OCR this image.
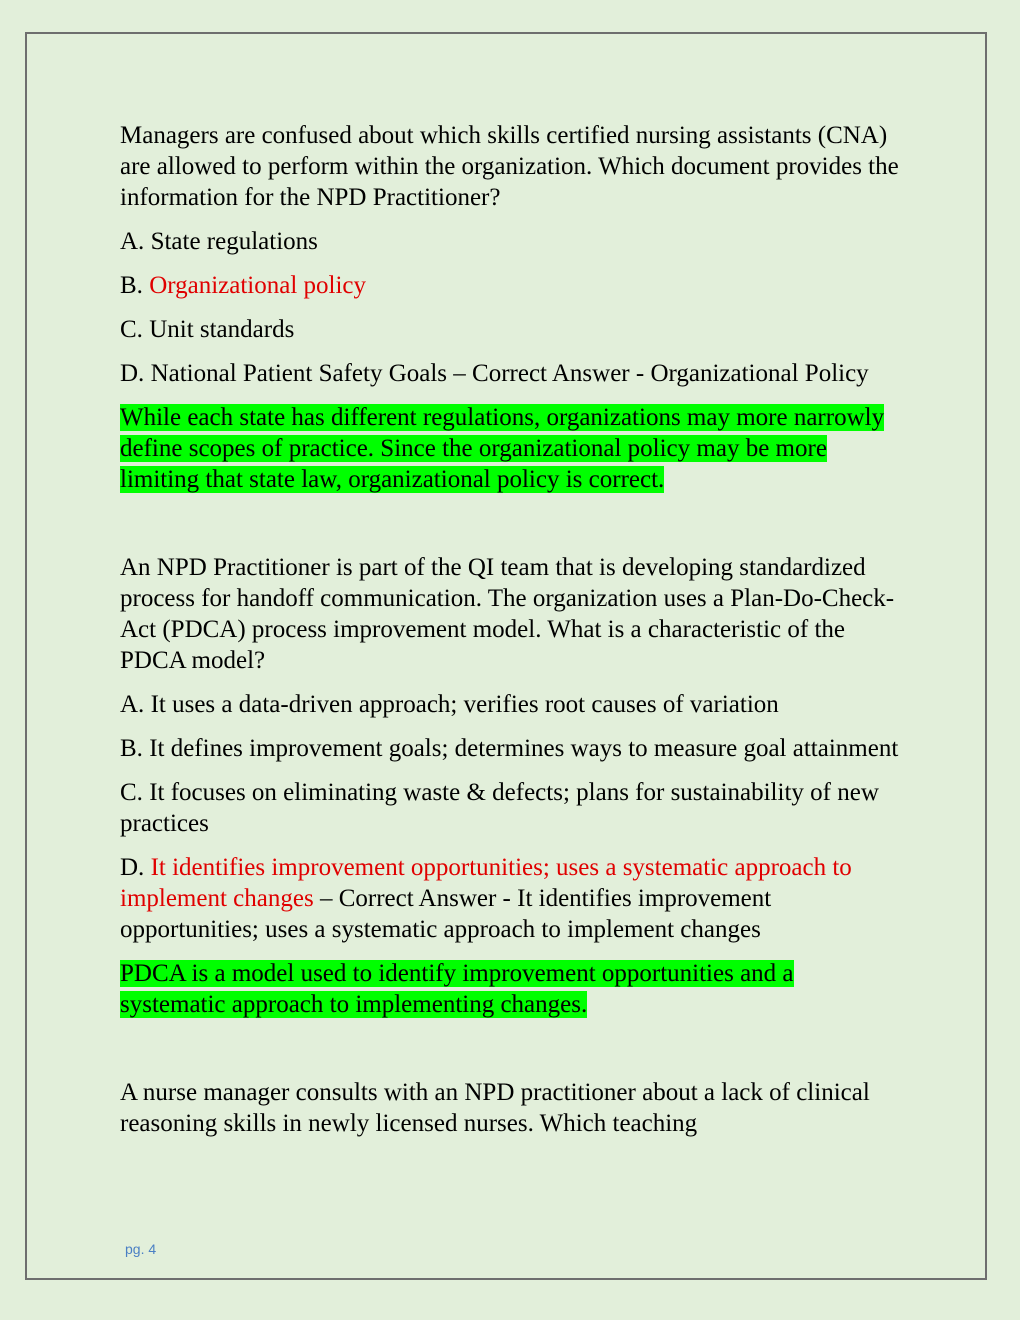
Managers are confused about which skills certified nursing assistants (CNA) are allowed to perform within the organization. Which document provides the information for the NPD Practitioner?

A. State regulations

B. Organizational policy

C. Unit standards

D. National Patient Safety Goals – Correct Answer - Organizational Policy

While each state has different regulations, organizations may more narrowly define scopes of practice. Since the organizational policy may be more limiting that state law, organizational policy is correct.

An NPD Practitioner is part of the QI team that is developing standardized process for handoff communication. The organization uses a Plan-Do-Check-Act (PDCA) process improvement model. What is a characteristic of the PDCA model?

A. It uses a data-driven approach; verifies root causes of variation

B. It defines improvement goals; determines ways to measure goal attainment

C. It focuses on eliminating waste & defects; plans for sustainability of new practices

D. It identifies improvement opportunities; uses a systematic approach to implement changes – Correct Answer - It identifies improvement opportunities; uses a systematic approach to implement changes

PDCA is a model used to identify improvement opportunities and a systematic approach to implementing changes.

A nurse manager consults with an NPD practitioner about a lack of clinical reasoning skills in newly licensed nurses. Which teaching

pg. 4
